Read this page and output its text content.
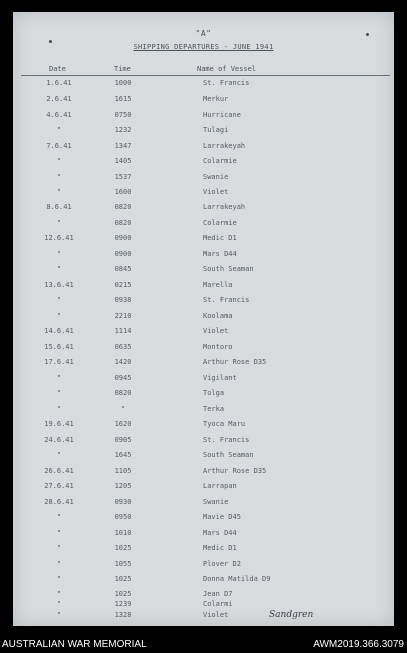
"A"
SHIPPING DEPARTURES - JUNE 1941
Date	Time	Name of Vessel
1.6.41	1000	St. Francis
2.6.41	1615	Merkur
4.6.41	0750	Hurricane
"	1232	Tulagi
7.6.41	1347	Larrakeyah
"	1405	Colarmie
"	1537	Swanie
"	1600	Violet
8.6.41	0820	Larrakeyah
"	0820	Colarmie
12.6.41	0900	Medic D1
"	0900	Mars D44
"	0845	South Seaman
13.6.41	0215	Marella
"	0938	St. Francis
"	2210	Koolama
14.6.41	1114	Violet
15.6.41	0635	Montoro
17.6.41	1420	Arthur Rose D35
"	0945	Vigilant
"	0820	Tolga
"	"	Terka
19.6.41	1620	Tyoca Maru
24.6.41	0905	St. Francis
"	1645	South Seaman
26.6.41	1105	Arthur Rose D35
27.6.41	1205	Larrapan
28.6.41	0930	Swanie
"	0950	Mavie D45
"	1010	Mars D44
"	1025	Medic D1
"	1055	Plover D2
"	1025	Donna Matilda D9
"	1025	Jean D7
"	1239	Colarmi
"	1328	Violet	Sandgren
AUSTRALIAN WAR MEMORIAL	AWM2019.366.3079
